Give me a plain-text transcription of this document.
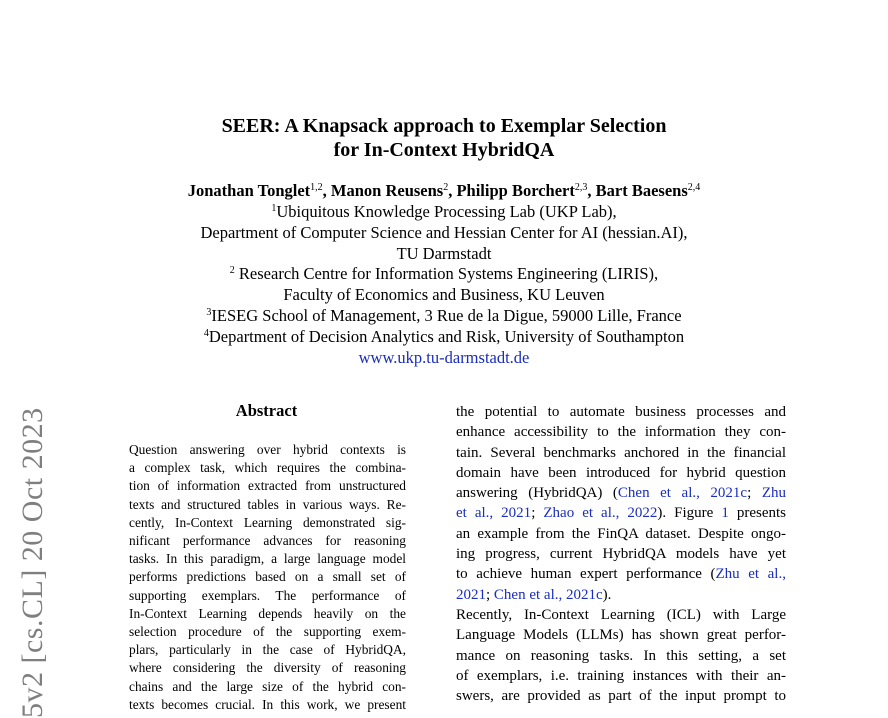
5v2 [cs.CL] 20 Oct 2023
SEER: A Knapsack approach to Exemplar Selection
for In-Context HybridQA
Jonathan Tonglet$^{1,2}$, Manon Reusens$^2$, Philipp Borchert$^{2,3}$, Bart Baesens$^{2,4}$
$^1$Ubiquitous Knowledge Processing Lab (UKP Lab),
Department of Computer Science and Hessian Center for AI (hessian.AI),
TU Darmstadt
$^2$ Research Centre for Information Systems Engineering (LIRIS),
Faculty of Economics and Business, KU Leuven
$^3$IESEG School of Management, 3 Rue de la Digue, 59000 Lille, France
$^4$Department of Decision Analytics and Risk, University of Southampton
www.ukp.tu-darmstadt.de
Abstract
Question answering over hybrid contexts is
a complex task, which requires the combina-
tion of information extracted from unstructured
texts and structured tables in various ways. Re-
cently, In-Context Learning demonstrated sig-
nificant performance advances for reasoning
tasks. In this paradigm, a large language model
performs predictions based on a small set of
supporting exemplars. The performance of
In-Context Learning depends heavily on the
selection procedure of the supporting exem-
plars, particularly in the case of HybridQA,
where considering the diversity of reasoning
chains and the large size of the hybrid con-
texts becomes crucial. In this work, we present
the potential to automate business processes and
enhance accessibility to the information they con-
tain. Several benchmarks anchored in the financial
domain have been introduced for hybrid question
answering (HybridQA) (Chen et al., 2021c; Zhu
et al., 2021; Zhao et al., 2022). Figure 1 presents
an example from the FinQA dataset. Despite ongo-
ing progress, current HybridQA models have yet
to achieve human expert performance (Zhu et al.,
2021; Chen et al., 2021c).
Recently, In-Context Learning (ICL) with Large
Language Models (LLMs) has shown great perfor-
mance on reasoning tasks. In this setting, a set
of exemplars, i.e. training instances with their an-
swers, are provided as part of the input prompt to
